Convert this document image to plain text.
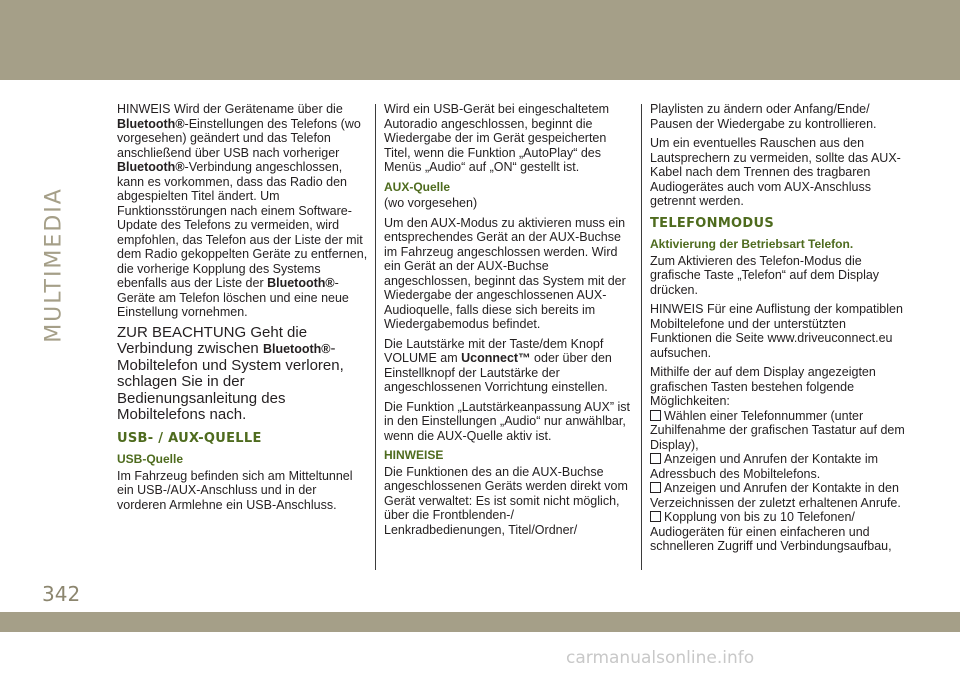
MULTIMEDIA

HINWEIS Wird der Gerätename über die Bluetooth®-Einstellungen des Telefons (wo vorgesehen) geändert und das Telefon anschließend über USB nach vorheriger Bluetooth®-Verbindung angeschlossen, kann es vorkommen, dass das Radio den abgespielten Titel ändert. Um Funktionsstörungen nach einem Software-Update des Telefons zu vermeiden, wird empfohlen, das Telefon aus der Liste der mit dem Radio gekoppelten Geräte zu entfernen, die vorherige Kopplung des Systems ebenfalls aus der Liste der Bluetooth®-Geräte am Telefon löschen und eine neue Einstellung vornehmen.

ZUR BEACHTUNG Geht die Verbindung zwischen Bluetooth®-Mobiltelefon und System verloren, schlagen Sie in der Bedienungsanleitung des Mobiltelefons nach.

USB- / AUX-QUELLE
USB-Quelle

Im Fahrzeug befinden sich am Mitteltunnel ein USB-/AUX-Anschluss und in der vorderen Armlehne ein USB-Anschluss.

Wird ein USB-Gerät bei eingeschaltetem Autoradio angeschlossen, beginnt die Wiedergabe der im Gerät gespeicherten Titel, wenn die Funktion „AutoPlay“ des Menüs „Audio“ auf „ON“ gestellt ist.

AUX-Quelle

(wo vorgesehen)

Um den AUX-Modus zu aktivieren muss ein entsprechendes Gerät an der AUX-Buchse im Fahrzeug angeschlossen werden. Wird ein Gerät an der AUX-Buchse angeschlossen, beginnt das System mit der Wiedergabe der angeschlossenen AUX-Audioquelle, falls diese sich bereits im Wiedergabemodus befindet.

Die Lautstärke mit der Taste/dem Knopf VOLUME am Uconnect™ oder über den Einstellknopf der Lautstärke der angeschlossenen Vorrichtung einstellen.

Die Funktion „Lautstärkeanpassung AUX” ist in den Einstellungen „Audio“ nur anwählbar, wenn die AUX-Quelle aktiv ist.

HINWEISE

Die Funktionen des an die AUX-Buchse angeschlossenen Geräts werden direkt vom Gerät verwaltet: Es ist somit nicht möglich, über die Frontblenden-/ Lenkradbedienungen, Titel/Ordner/

Playlisten zu ändern oder Anfang/Ende/ Pausen der Wiedergabe zu kontrollieren.

Um ein eventuelles Rauschen aus den Lautsprechern zu vermeiden, sollte das AUX-Kabel nach dem Trennen des tragbaren Audiogerätes auch vom AUX-Anschluss getrennt werden.

TELEFONMODUS
Aktivierung der Betriebsart Telefon.

Zum Aktivieren des Telefon-Modus die grafische Taste „Telefon“ auf dem Display drücken.

HINWEIS Für eine Auflistung der kompatiblen Mobiltelefone und der unterstützten Funktionen die Seite www.driveuconnect.eu aufsuchen.

Mithilfe der auf dem Display angezeigten grafischen Tasten bestehen folgende Möglichkeiten:

Wählen einer Telefonnummer (unter Zuhilfenahme der grafischen Tastatur auf dem Display),
Anzeigen und Anrufen der Kontakte im Adressbuch des Mobiltelefons.
Anzeigen und Anrufen der Kontakte in den Verzeichnissen der zuletzt erhaltenen Anrufe.
Kopplung von bis zu 10 Telefonen/ Audiogeräten für einen einfacheren und schnelleren Zugriff und Verbindungsaufbau,
342
carmanualsonline.info
